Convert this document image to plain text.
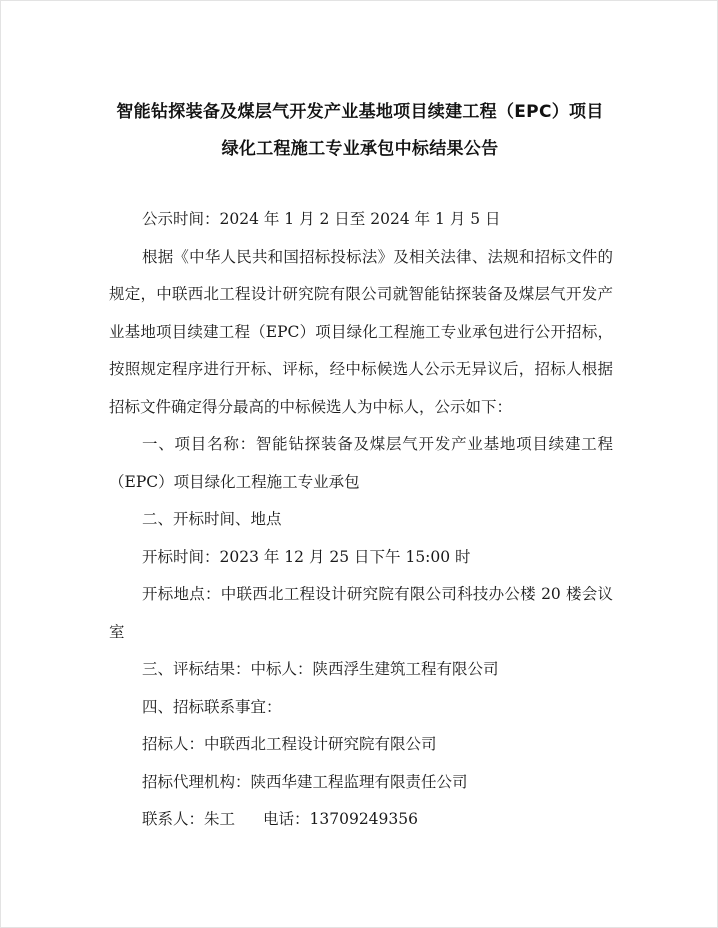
智能钻探装备及煤层气开发产业基地项目续建工程（EPC）项目
绿化工程施工专业承包中标结果公告

公示时间：2024 年 1 月 2 日至 2024 年 1 月 5 日

根据《中华人民共和国招标投标法》及相关法律、法规和招标文件的规定，中联西北工程设计研究院有限公司就智能钻探装备及煤层气开发产业基地项目续建工程（EPC）项目绿化工程施工专业承包进行公开招标，按照规定程序进行开标、评标，经中标候选人公示无异议后，招标人根据招标文件确定得分最高的中标候选人为中标人，公示如下：

一、项目名称：智能钻探装备及煤层气开发产业基地项目续建工程（EPC）项目绿化工程施工专业承包

二、开标时间、地点

开标时间：2023 年 12 月 25 日下午 15:00 时

开标地点：中联西北工程设计研究院有限公司科技办公楼 20 楼会议室

三、评标结果：中标人：陕西浮生建筑工程有限公司

四、招标联系事宜：

招标人：中联西北工程设计研究院有限公司

招标代理机构：陕西华建工程监理有限责任公司

联系人：朱工 电话：13709249356
